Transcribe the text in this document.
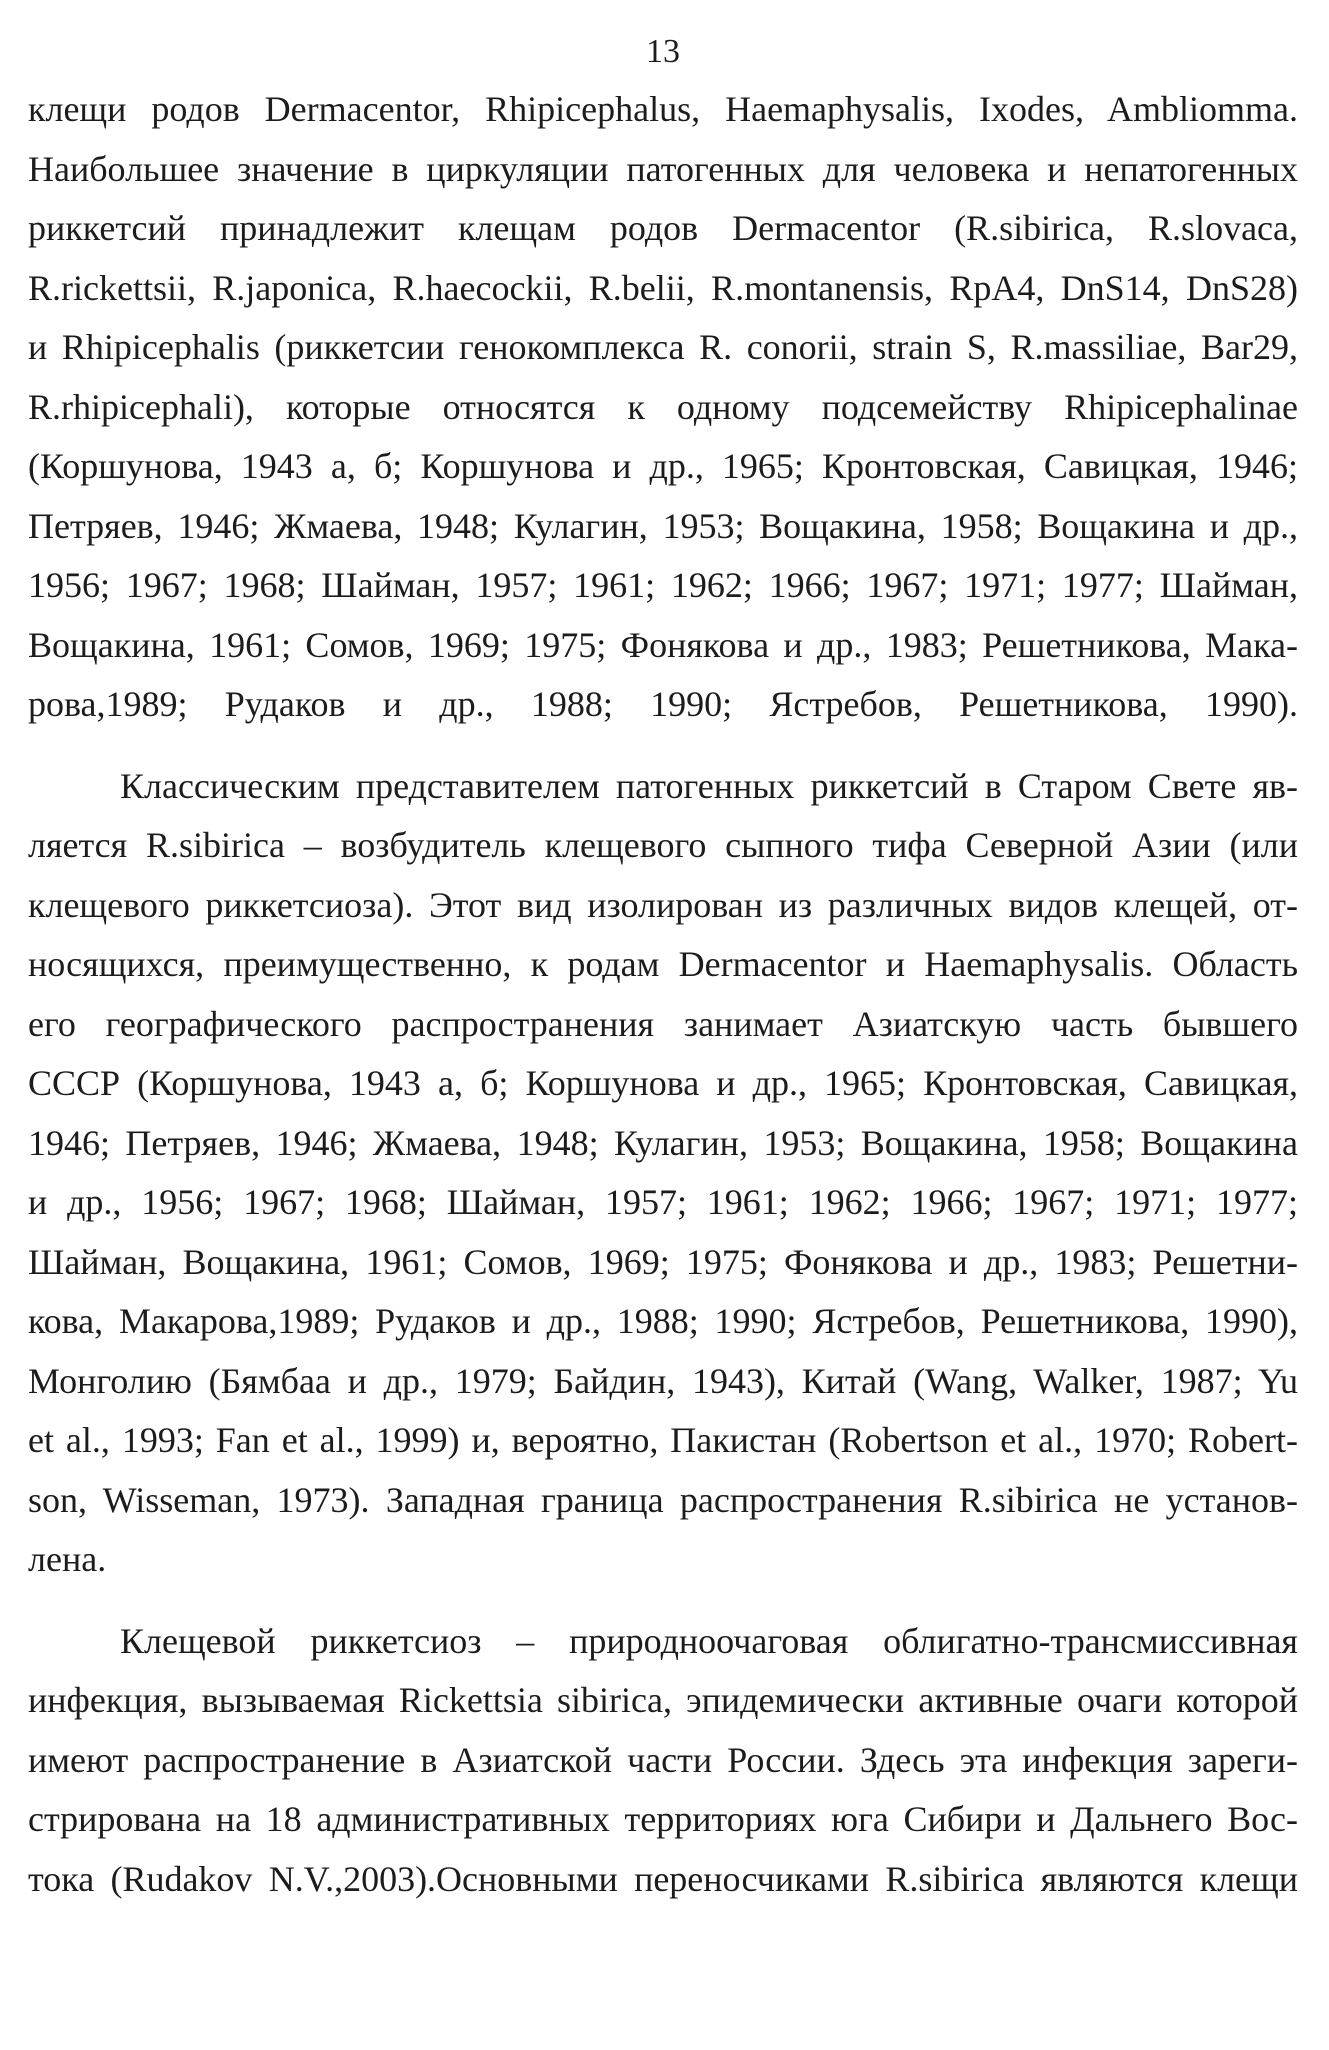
13

клещи родов Dermacentor, Rhipicephalus, Haemaphysalis, Ixodes, Ambliomma.
Наибольшее значение в циркуляции патогенных для человека и непатогенных
риккетсий принадлежит клещам родов Dermacentor (R.sibirica, R.slovaca,
R.rickettsii, R.japonica, R.haecockii, R.belii, R.montanensis, RpA4, DnS14, DnS28)
и Rhipicephalis (риккетсии генокомплекса R. conorii, strain S, R.massiliae, Bar29,
R.rhipicephali), которые относятся к одному подсемейству Rhipicephalinae
(Коршунова, 1943 а, б; Коршунова и др., 1965; Кронтовская, Савицкая, 1946;
Петряев, 1946; Жмаева, 1948; Кулагин, 1953; Вощакина, 1958; Вощакина и др.,
1956; 1967; 1968; Шайман, 1957; 1961; 1962; 1966; 1967; 1971; 1977; Шайман,
Вощакина, 1961; Сомов, 1969; 1975; Фонякова и др., 1983; Решетникова, Мака-
рова,1989; Рудаков и др., 1988; 1990; Ястребов, Решетникова, 1990).

Классическим представителем патогенных риккетсий в Старом Свете яв-
ляется R.sibirica – возбудитель клещевого сыпного тифа Северной Азии (или
клещевого риккетсиоза). Этот вид изолирован из различных видов клещей, от-
носящихся, преимущественно, к родам Dermacentor и Haemaphysalis. Область
его географического распространения занимает Азиатскую часть бывшего
СССР (Коршунова, 1943 а, б; Коршунова и др., 1965; Кронтовская, Савицкая,
1946; Петряев, 1946; Жмаева, 1948; Кулагин, 1953; Вощакина, 1958; Вощакина
и др., 1956; 1967; 1968; Шайман, 1957; 1961; 1962; 1966; 1967; 1971; 1977;
Шайман, Вощакина, 1961; Сомов, 1969; 1975; Фонякова и др., 1983; Решетни-
кова, Макарова,1989; Рудаков и др., 1988; 1990; Ястребов, Решетникова, 1990),
Монголию (Бямбаа и др., 1979; Байдин, 1943), Китай (Wang, Walker, 1987; Yu
et al., 1993; Fan et al., 1999) и, вероятно, Пакистан (Robertson et al., 1970; Robert-
son, Wisseman, 1973). Западная граница распространения R.sibirica не установ-
лена.

Клещевой риккетсиоз – природноочаговая облигатно-трансмиссивная
инфекция, вызываемая Rickettsia sibirica, эпидемически активные очаги которой
имеют распространение в Азиатской части России. Здесь эта инфекция зареги-
стрирована на 18 административных территориях юга Сибири и Дальнего Вос-
тока (Rudakov N.V.,2003).Основными переносчиками R.sibirica являются клещи
